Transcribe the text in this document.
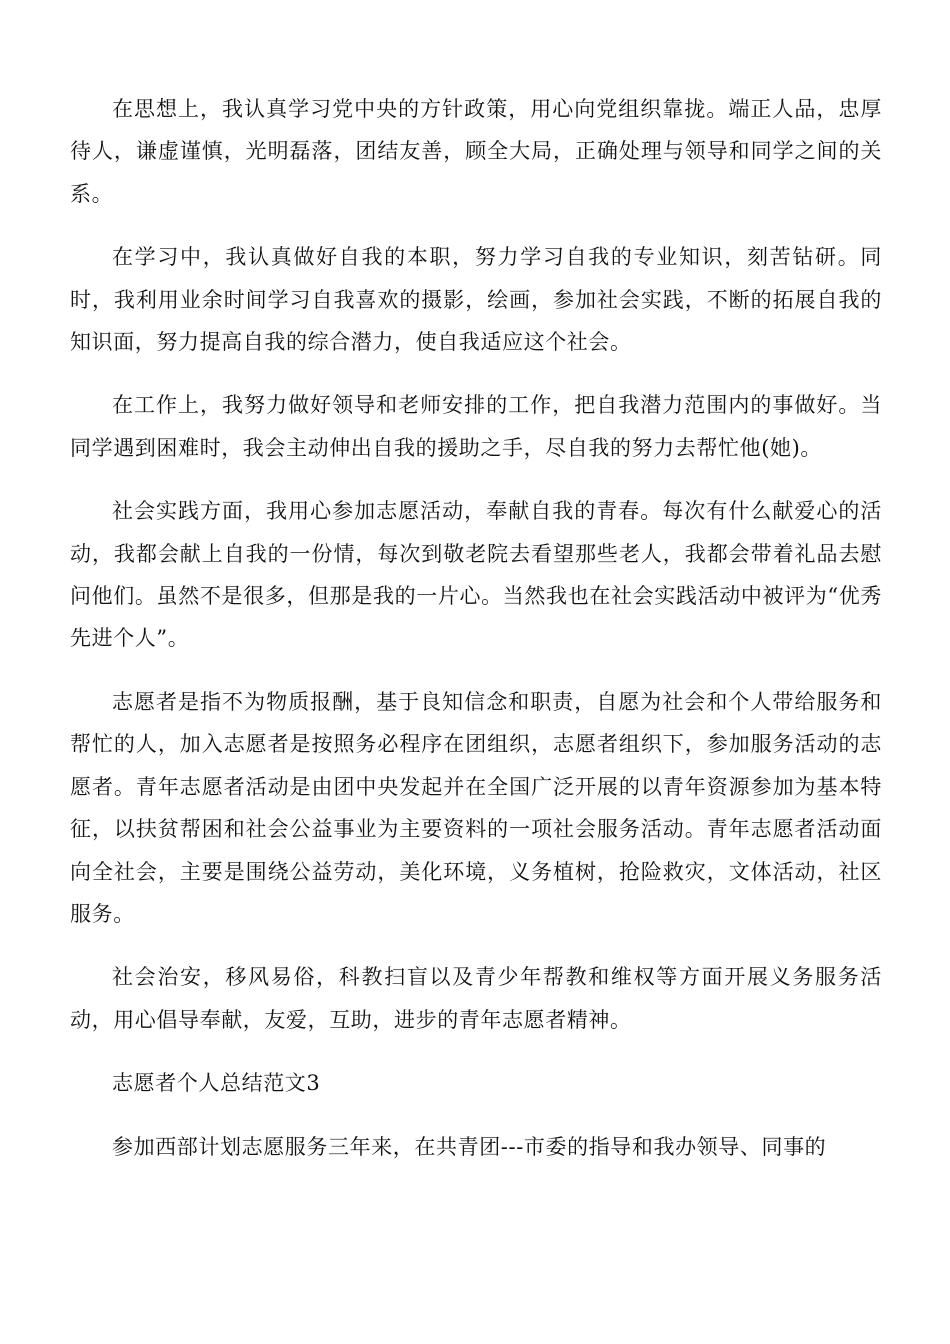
在思想上，我认真学习党中央的方针政策，用心向党组织靠拢。端正人品，忠厚待人，谦虚谨慎，光明磊落，团结友善，顾全大局，正确处理与领导和同学之间的关系。

在学习中，我认真做好自我的本职，努力学习自我的专业知识，刻苦钻研。同时，我利用业余时间学习自我喜欢的摄影，绘画，参加社会实践，不断的拓展自我的知识面，努力提高自我的综合潜力，使自我适应这个社会。

在工作上，我努力做好领导和老师安排的工作，把自我潜力范围内的事做好。当同学遇到困难时，我会主动伸出自我的援助之手，尽自我的努力去帮忙他(她)。

社会实践方面，我用心参加志愿活动，奉献自我的青春。每次有什么献爱心的活动，我都会献上自我的一份情，每次到敬老院去看望那些老人，我都会带着礼品去慰问他们。虽然不是很多，但那是我的一片心。当然我也在社会实践活动中被评为“优秀先进个人”。

志愿者是指不为物质报酬，基于良知信念和职责，自愿为社会和个人带给服务和帮忙的人，加入志愿者是按照务必程序在团组织，志愿者组织下，参加服务活动的志愿者。青年志愿者活动是由团中央发起并在全国广泛开展的以青年资源参加为基本特征，以扶贫帮困和社会公益事业为主要资料的一项社会服务活动。青年志愿者活动面向全社会，主要是围绕公益劳动，美化环境，义务植树，抢险救灾，文体活动，社区服务。

社会治安，移风易俗，科教扫盲以及青少年帮教和维权等方面开展义务服务活动，用心倡导奉献，友爱，互助，进步的青年志愿者精神。

志愿者个人总结范文3

参加西部计划志愿服务三年来，在共青团---市委的指导和我办领导、同事的
